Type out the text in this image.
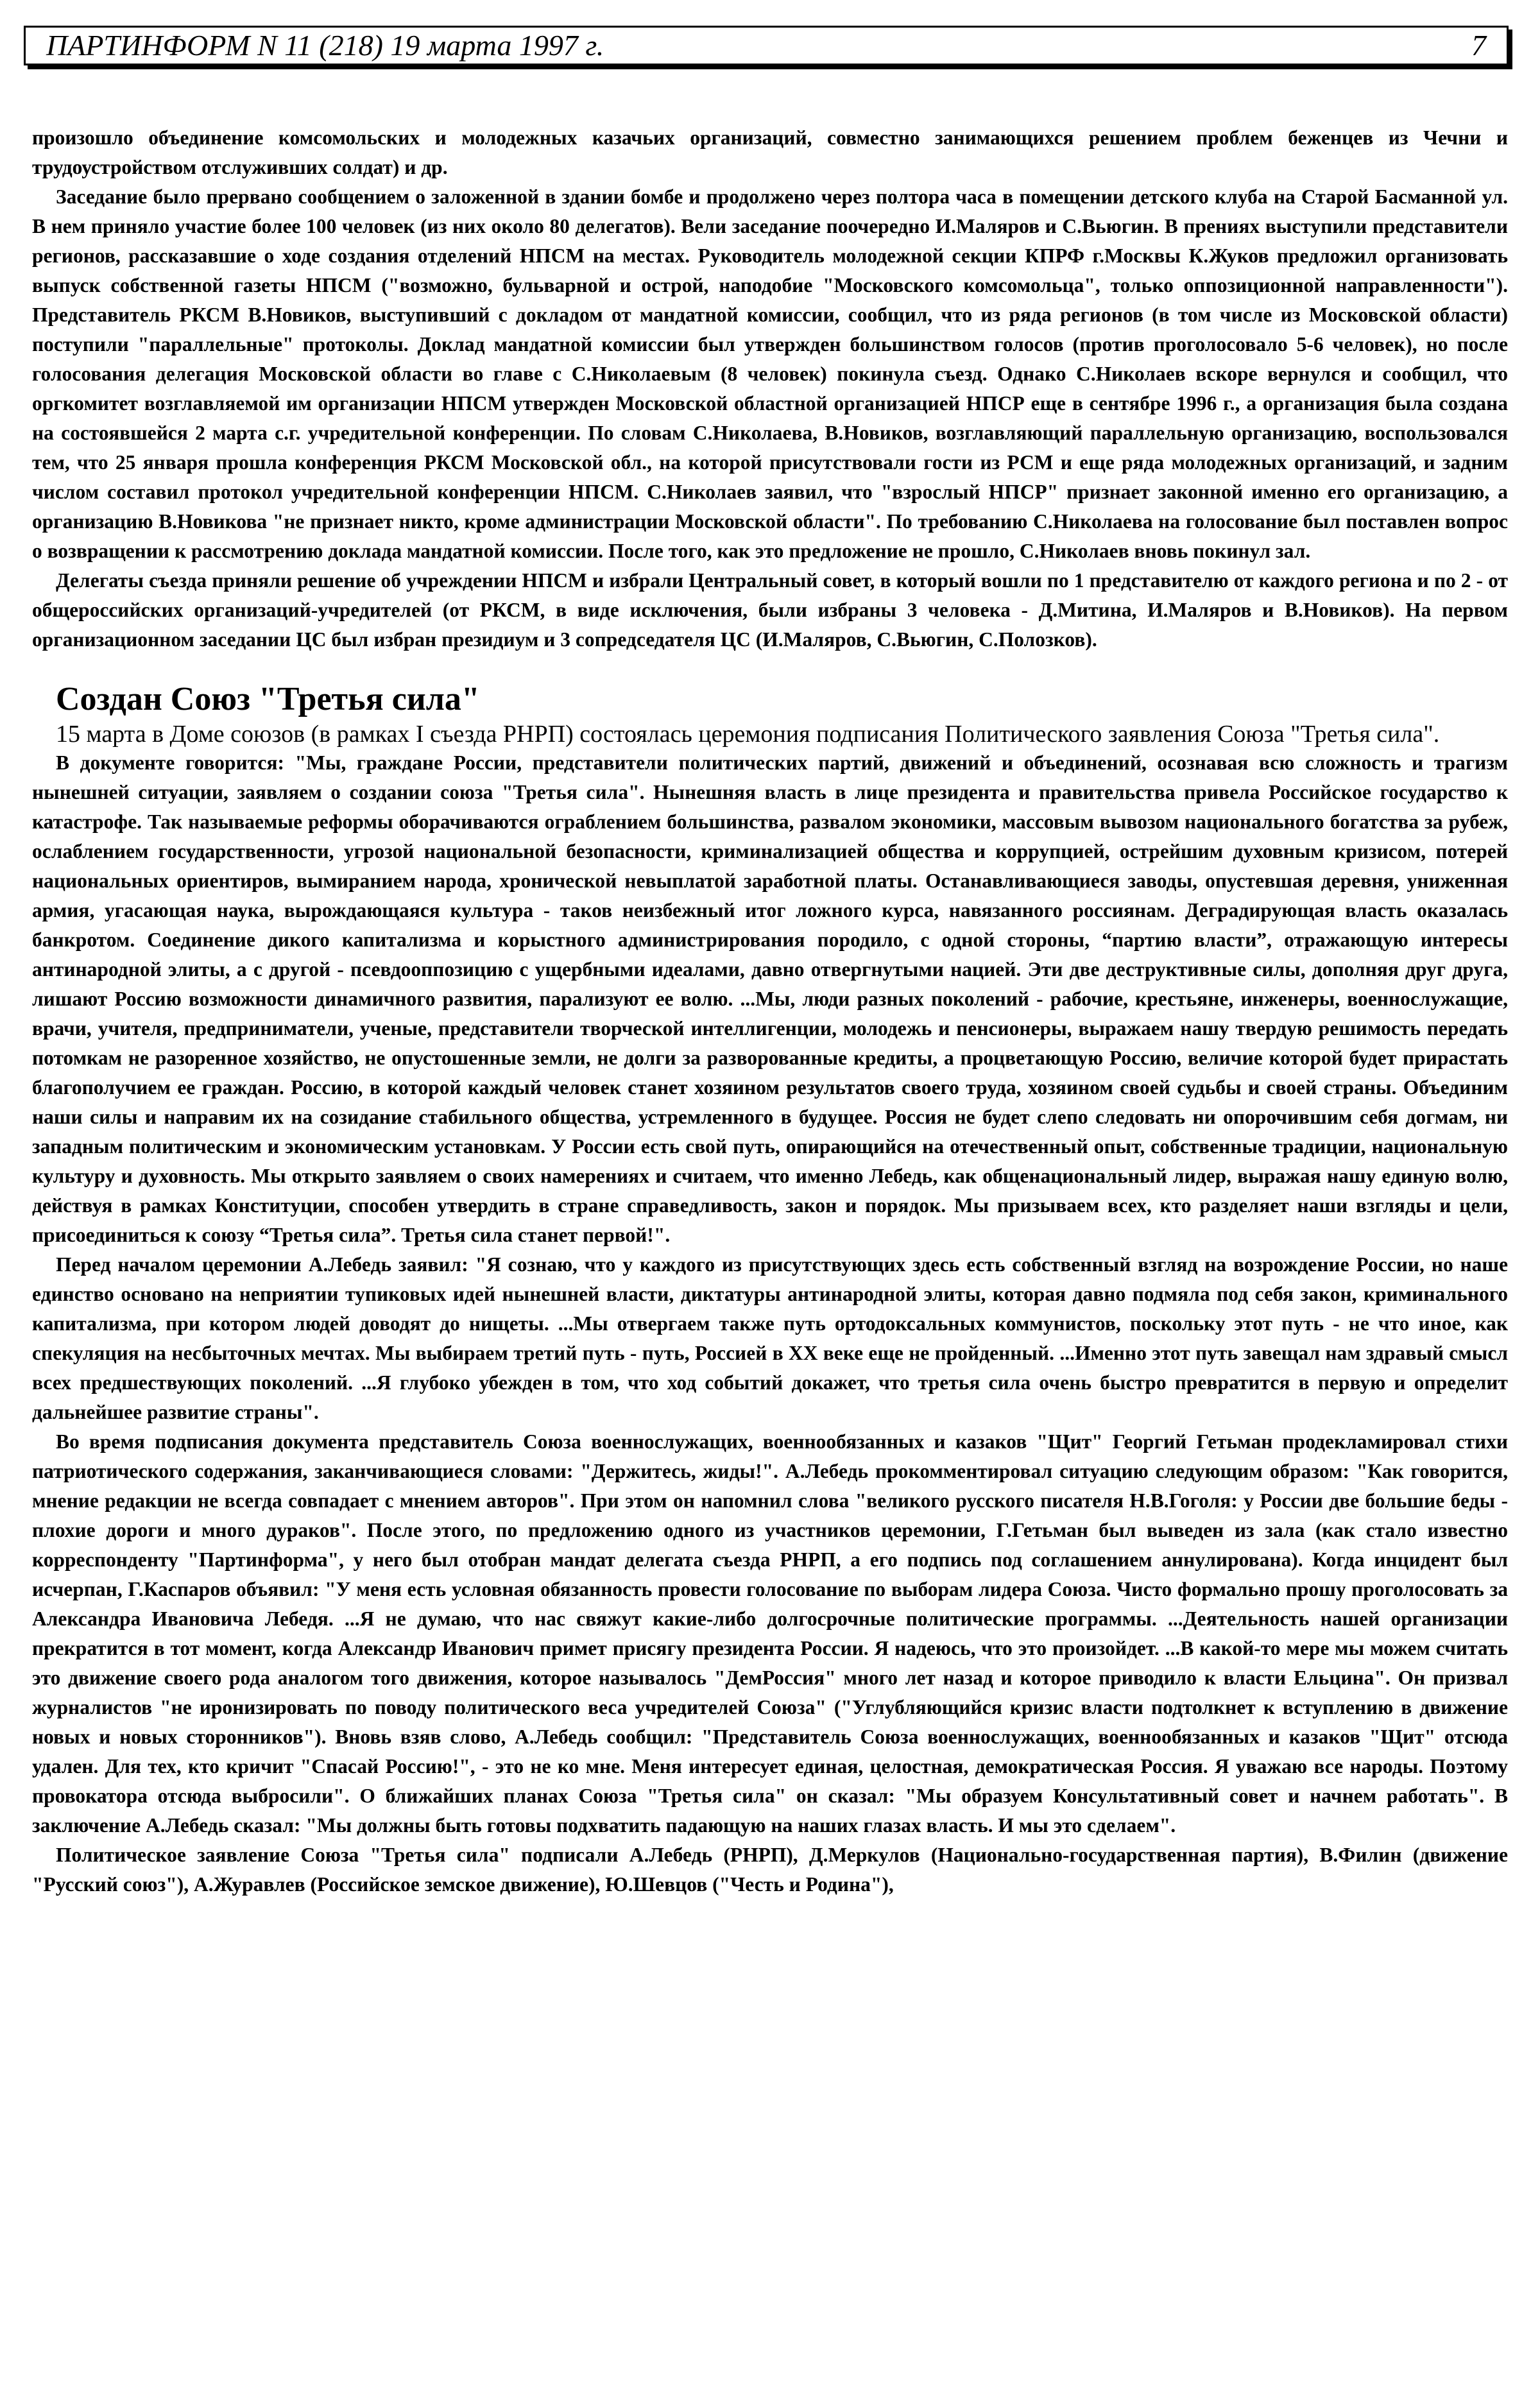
ПАРТИНФОРМ N 11 (218) 19 марта 1997 г.	7

произошло объединение комсомольских и молодежных казачьих организаций, совместно занимающихся решением проблем беженцев из Чечни и трудоустройством отслуживших солдат) и др.

Заседание было прервано сообщением о заложенной в здании бомбе и продолжено через полтора часа в помещении детского клуба на Старой Басманной ул. В нем приняло участие более 100 человек (из них около 80 делегатов). Вели заседание поочередно И.Маляров и С.Вьюгин. В прениях выступили представители регионов, рассказавшие о ходе создания отделений НПСМ на местах. Руководитель молодежной секции КПРФ г.Москвы К.Жуков предложил организовать выпуск собственной газеты НПСМ ("возможно, бульварной и острой, наподобие "Московского комсомольца", только оппозиционной направленности"). Представитель РКСМ В.Новиков, выступивший с докладом от мандатной комиссии, сообщил, что из ряда регионов (в том числе из Московской области) поступили "параллельные" протоколы. Доклад мандатной комиссии был утвержден большинством голосов (против проголосовало 5-6 человек), но после голосования делегация Московской области во главе с С.Николаевым (8 человек) покинула съезд. Однако С.Николаев вскоре вернулся и сообщил, что оргкомитет возглавляемой им организации НПСМ утвержден Московской областной организацией НПСР еще в сентябре 1996 г., а организация была создана на состоявшейся 2 марта с.г. учредительной конференции. По словам С.Николаева, В.Новиков, возглавляющий параллельную организацию, воспользовался тем, что 25 января прошла конференция РКСМ Московской обл., на которой присутствовали гости из РСМ и еще ряда молодежных организаций, и задним числом составил протокол учредительной конференции НПСМ. С.Николаев заявил, что "взрослый НПСР" признает законной именно его организацию, а организацию В.Новикова "не признает никто, кроме администрации Московской области". По требованию С.Николаева на голосование был поставлен вопрос о возвращении к рассмотрению доклада мандатной комиссии. После того, как это предложение не прошло, С.Николаев вновь покинул зал.

Делегаты съезда приняли решение об учреждении НПСМ и избрали Центральный совет, в который вошли по 1 представителю от каждого региона и по 2 - от общероссийских организаций-учредителей (от РКСМ, в виде исключения, были избраны 3 человека - Д.Митина, И.Маляров и В.Новиков). На первом организационном заседании ЦС был избран президиум и 3 сопредседателя ЦС (И.Маляров, С.Вьюгин, С.Полозков).

Создан Союз "Третья сила"

15 марта в Доме союзов (в рамках I съезда РНРП) состоялась церемония подписания Политического заявления Союза "Третья сила".

В документе говорится: "Мы, граждане России, представители политических партий, движений и объединений, осознавая всю сложность и трагизм нынешней ситуации, заявляем о создании союза "Третья сила". Нынешняя власть в лице президента и правительства привела Российское государство к катастрофе. Так называемые реформы оборачиваются ограблением большинства, развалом экономики, массовым вывозом национального богатства за рубеж, ослаблением государственности, угрозой национальной безопасности, криминализацией общества и коррупцией, острейшим духовным кризисом, потерей национальных ориентиров, вымиранием народа, хронической невыплатой заработной платы. Останавливающиеся заводы, опустевшая деревня, униженная армия, угасающая наука, вырождающаяся культура - таков неизбежный итог ложного курса, навязанного россиянам. Деградирующая власть оказалась банкротом. Соединение дикого капитализма и корыстного администрирования породило, с одной стороны, “партию власти”, отражающую интересы антинародной элиты, а с другой - псевдооппозицию с ущербными идеалами, давно отвергнутыми нацией. Эти две деструктивные силы, дополняя друг друга, лишают Россию возможности динамичного развития, парализуют ее волю. ...Мы, люди разных поколений - рабочие, крестьяне, инженеры, военнослужащие, врачи, учителя, предприниматели, ученые, представители творческой интеллигенции, молодежь и пенсионеры, выражаем нашу твердую решимость передать потомкам не разоренное хозяйство, не опустошенные земли, не долги за разворованные кредиты, а процветающую Россию, величие которой будет прирастать благополучием ее граждан. Россию, в которой каждый человек станет хозяином результатов своего труда, хозяином своей судьбы и своей страны. Объединим наши силы и направим их на созидание стабильного общества, устремленного в будущее. Россия не будет слепо следовать ни опорочившим себя догмам, ни западным политическим и экономическим установкам. У России есть свой путь, опирающийся на отечественный опыт, собственные традиции, национальную культуру и духовность. Мы открыто заявляем о своих намерениях и считаем, что именно Лебедь, как общенациональный лидер, выражая нашу единую волю, действуя в рамках Конституции, способен утвердить в стране справедливость, закон и порядок. Мы призываем всех, кто разделяет наши взгляды и цели, присоединиться к союзу “Третья сила”. Третья сила станет первой!".

Перед началом церемонии А.Лебедь заявил: "Я сознаю, что у каждого из присутствующих здесь есть собственный взгляд на возрождение России, но наше единство основано на неприятии тупиковых идей нынешней власти, диктатуры антинародной элиты, которая давно подмяла под себя закон, криминального капитализма, при котором людей доводят до нищеты. ...Мы отвергаем также путь ортодоксальных коммунистов, поскольку этот путь - не что иное, как спекуляция на несбыточных мечтах. Мы выбираем третий путь - путь, Россией в XX веке еще не пройденный. ...Именно этот путь завещал нам здравый смысл всех предшествующих поколений. ...Я глубоко убежден в том, что ход событий докажет, что третья сила очень быстро превратится в первую и определит дальнейшее развитие страны".

Во время подписания документа представитель Союза военнослужащих, военнообязанных и казаков "Щит" Георгий Гетьман продекламировал стихи патриотического содержания, заканчивающиеся словами: "Держитесь, жиды!". А.Лебедь прокомментировал ситуацию следующим образом: "Как говорится, мнение редакции не всегда совпадает с мнением авторов". При этом он напомнил слова "великого русского писателя Н.В.Гоголя: у России две большие беды - плохие дороги и много дураков". После этого, по предложению одного из участников церемонии, Г.Гетьман был выведен из зала (как стало известно корреспонденту "Партинформа", у него был отобран мандат делегата съезда РНРП, а его подпись под соглашением аннулирована). Когда инцидент был исчерпан, Г.Каспаров объявил: "У меня есть условная обязанность провести голосование по выборам лидера Союза. Чисто формально прошу проголосовать за Александра Ивановича Лебедя. ...Я не думаю, что нас свяжут какие-либо долгосрочные политические программы. ...Деятельность нашей организации прекратится в тот момент, когда Александр Иванович примет присягу президента России. Я надеюсь, что это произойдет. ...В какой-то мере мы можем считать это движение своего рода аналогом того движения, которое называлось "ДемРоссия" много лет назад и которое приводило к власти Ельцина". Он призвал журналистов "не иронизировать по поводу политического веса учредителей Союза" ("Углубляющийся кризис власти подтолкнет к вступлению в движение новых и новых сторонников"). Вновь взяв слово, А.Лебедь сообщил: "Представитель Союза военнослужащих, военнообязанных и казаков "Щит" отсюда удален. Для тех, кто кричит "Спасай Россию!", - это не ко мне. Меня интересует единая, целостная, демократическая Россия. Я уважаю все народы. Поэтому провокатора отсюда выбросили". О ближайших планах Союза "Третья сила" он сказал: "Мы образуем Консультативный совет и начнем работать". В заключение А.Лебедь сказал: "Мы должны быть готовы подхватить падающую на наших глазах власть. И мы это сделаем".

Политическое заявление Союза "Третья сила" подписали А.Лебедь (РНРП), Д.Меркулов (Национально-государственная партия), В.Филин (движение "Русский союз"), А.Журавлев (Российское земское движение), Ю.Шевцов ("Честь и Родина"),
